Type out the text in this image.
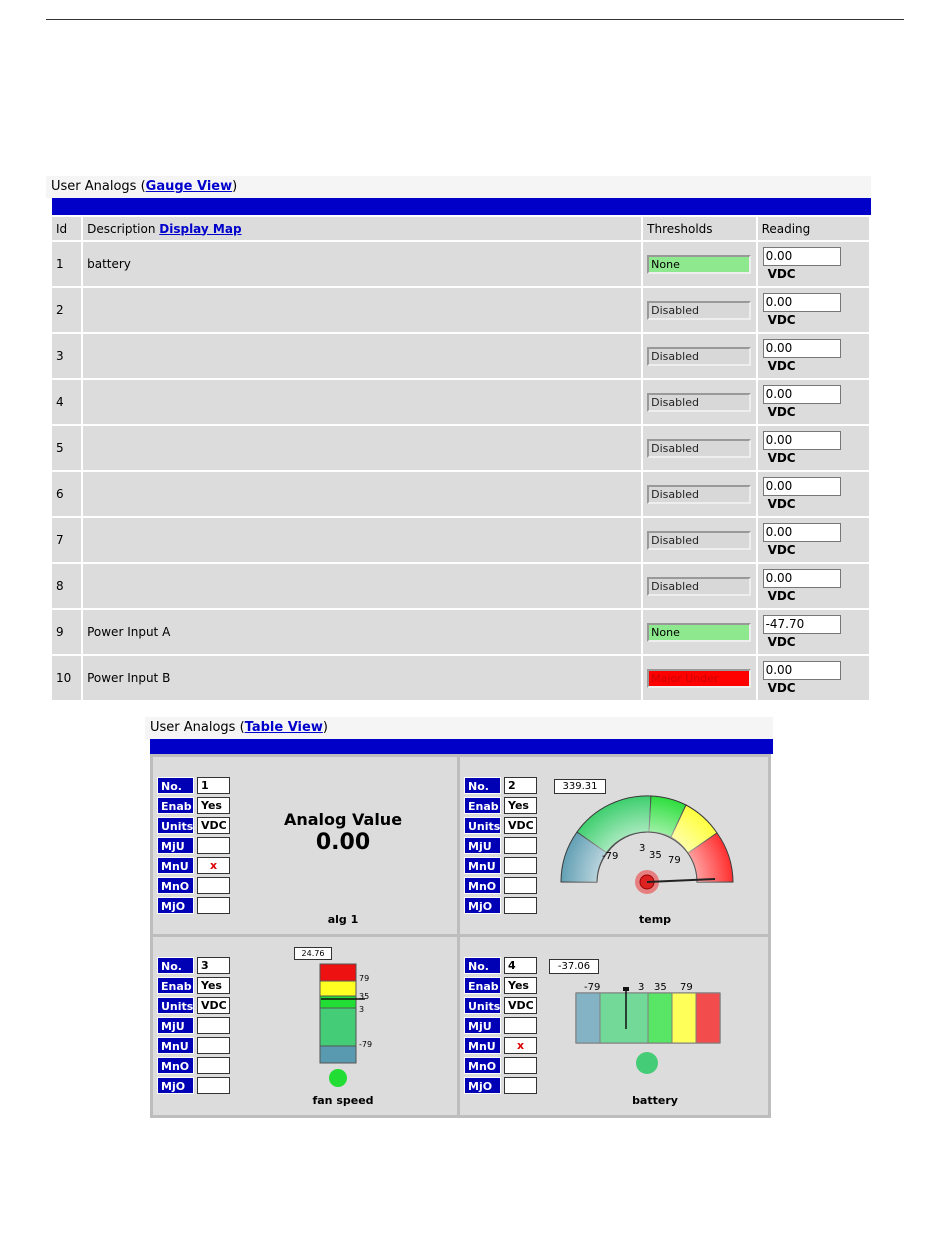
User Analogs (Gauge View)
Id	Description Display Map	Thresholds	Reading
1	battery	None	0.00
VDC

2		Disabled	0.00
VDC

3		Disabled	0.00
VDC

4		Disabled	0.00
VDC

5		Disabled	0.00
VDC

6		Disabled	0.00
VDC

7		Disabled	0.00
VDC

8		Disabled	0.00
VDC

9	Power Input A	None	-47.70
VDC

10	Power Input B	Major Under	0.00
VDC
User Analogs (Table View)
No.	1
Enab Yes
Units VDC
MjU
MnU	x
MnO
MjO
Analog Value
0.00
alg 1
No.	2
Enab Yes
Units VDC
MjU
MnU
MnO
MjO
339.31
-79
3
35 79
temp
No.	3
Enab Yes
Units VDC
MjU
MnU
MnO
MjO
24.76
79
35
3
-79
fan speed
No.	4
Enab Yes
Units VDC
MjU
MnU	x
MnO
MjO
-37.06
-79	3 35 79
battery
